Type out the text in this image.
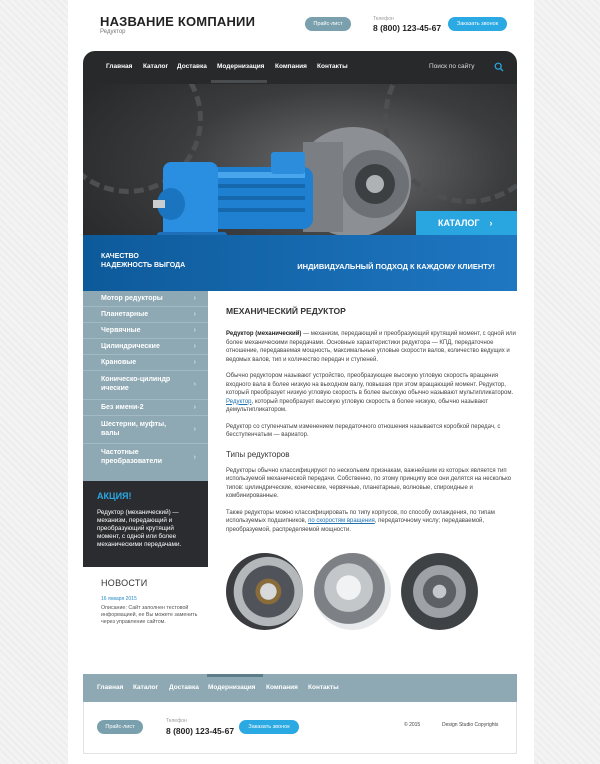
НАЗВАНИЕ КОМПАНИИ
Редуктор
Прайс-лист
Телефон
8 (800) 123-45-67	Заказать звонок
Главная Каталог Доставка Модернизация Компания Контакты	Поиск по сайту
КАТАЛОГ ›
КАЧЕСТВО НАДЕЖНОСТЬ ВЫГОДА	ИНДИВИДУАЛЬНЫЙ ПОДХОД К КАЖДОМУ КЛИЕНТУ!
Мотор редукторы	›
Планетарные	›
Червячные	›
Цилиндрические	›
Крановые	›
Коническо-цилиндр ические	›
Без имени-2	›
Шестерни, муфты, валы	›
Частотные преобразователи	›
АКЦИЯ!
Редуктор (механический) — механизм, передающий и преобразующий крутящий момент, с одной или более механическими передачами.
НОВОСТИ
16 января 2015
Описание: Сайт заполнен тестовой информацией, ее Вы можете заменить через управление сайтом.
МЕХАНИЧЕСКИЙ РЕДУКТОР

Редуктор (механический) — механизм, передающий и преобразующий крутящий момент, с одной или более механическими передачами. Основные характеристики редуктора — КПД, передаточное отношение, передаваемая мощность, максимальные угловые скорости валов, количество ведущих и ведомых валов, тип и количество передач и ступеней.

Обычно редуктором называют устройство, преобразующее высокую угловую скорость вращения входного вала в более низкую на выходном валу, повышая при этом вращающий момент. Редуктор, который преобразует низкую угловую скорость в более высокую обычно называют мультипликатором. Редуктор, который преобразует высокую угловую скорость в более низкую, обычно называют демультипликатором.

Редуктор со ступенчатым изменением передаточного отношения называется коробкой передач, с бесступенчатым — вариатор.

Типы редукторов

Редукторы обычно классифицируют по нескольким признакам, важнейшим из которых является тип используемой механической передачи. Собственно, по этому принципу все они делятся на несколько типов: цилиндрические, конические, червячные, планетарные, волновые, спироидные и комбинированные.

Также редукторы можно классифицировать по типу корпусов, по способу охлаждения, по типам используемых подшипников, по скоростям вращения, передаточному числу; передаваемой, преобразуемой, распределяемой мощности.

Главная Каталог Доставка Модернизация Компания Контакты
Прайс-лист
Телефон
8 (800) 123-45-67	Заказать звонок	© 2015	Design Studio Copyrights
